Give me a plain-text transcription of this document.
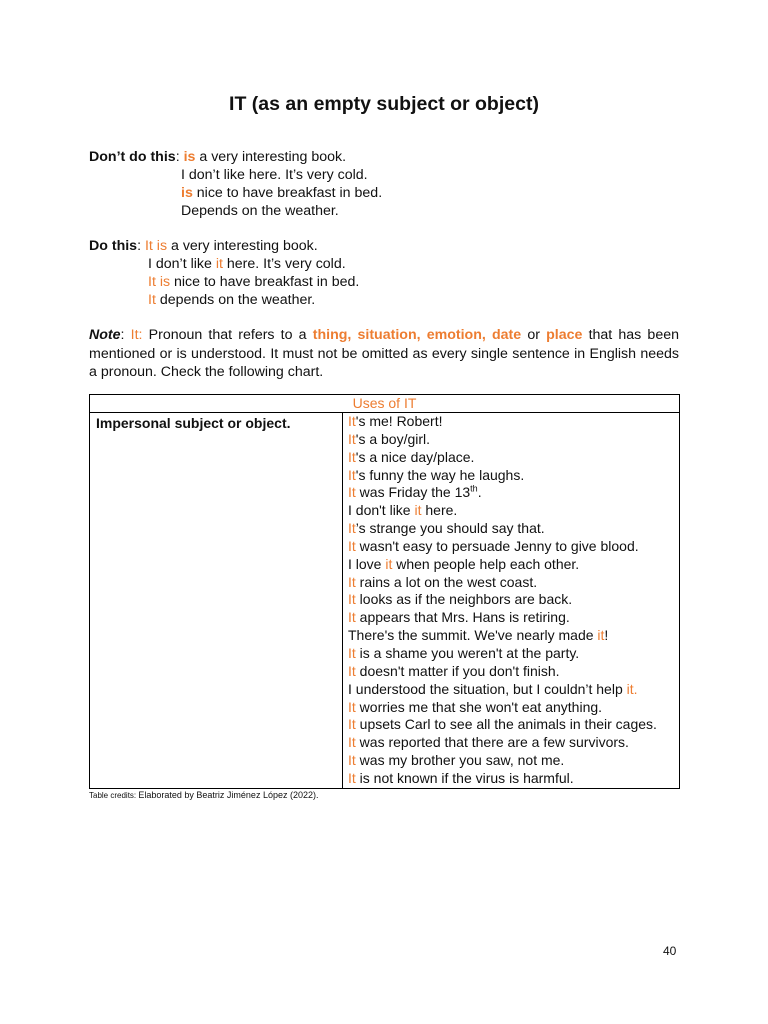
IT (as an empty subject or object)
Don’t do this: is a very interesting book.
I don’t like here. It’s very cold.
is nice to have breakfast in bed.
Depends on the weather.
Do this: It is a very interesting book.
I don’t like it here. It’s very cold.
It is nice to have breakfast in bed.
It depends on the weather.
Note: It: Pronoun that refers to a thing, situation, emotion, date or place that has been mentioned or is understood. It must not be omitted as every single sentence in English needs a pronoun. Check the following chart.
Uses of IT
Impersonal subject or object.	It's me! Robert!
It's a boy/girl.
It's a nice day/place.
It's funny the way he laughs.
It was Friday the 13th.
I don't like it here.
It’s strange you should say that.
It wasn't easy to persuade Jenny to give blood.
I love it when people help each other.
It rains a lot on the west coast.
It looks as if the neighbors are back.
It appears that Mrs. Hans is retiring.
There's the summit. We've nearly made it!
It is a shame you weren't at the party.
It doesn't matter if you don't finish.
I understood the situation, but I couldn’t help it.
It worries me that she won't eat anything.
It upsets Carl to see all the animals in their cages.
It was reported that there are a few survivors.
It was my brother you saw, not me.
It is not known if the virus is harmful.
Table credits: Elaborated by Beatriz Jiménez López (2022).
40
